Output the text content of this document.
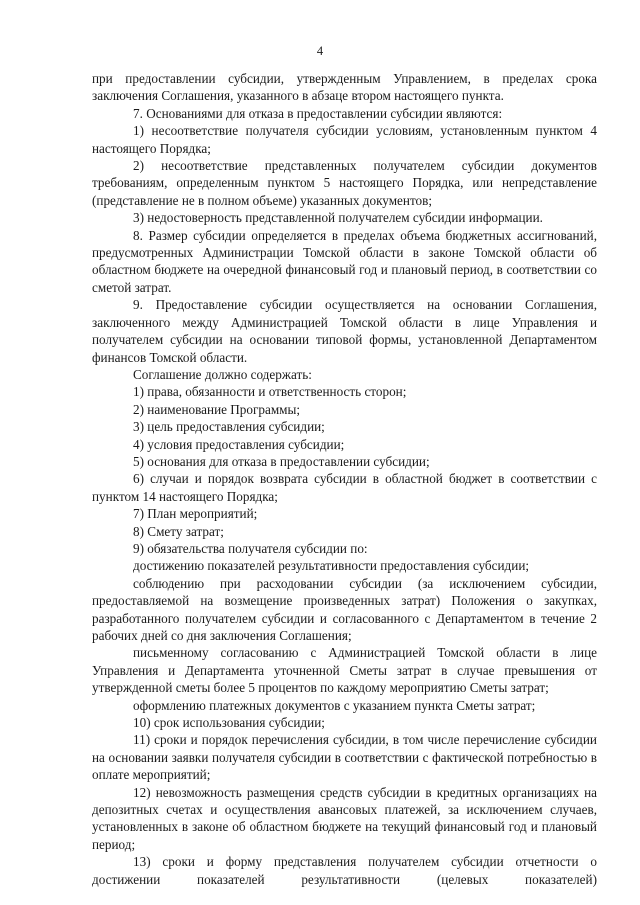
4

при предоставлении субсидии, утвержденным Управлением, в пределах срока заключения Соглашения, указанного в абзаце втором настоящего пункта.

7. Основаниями для отказа в предоставлении субсидии являются:

1) несоответствие получателя субсидии условиям, установленным пунктом 4 настоящего Порядка;

2) несоответствие представленных получателем субсидии документов требованиям, определенным пунктом 5 настоящего Порядка, или непредставление (представление не в полном объеме) указанных документов;

3) недостоверность представленной получателем субсидии информации.

8. Размер субсидии определяется в пределах объема бюджетных ассигнований, предусмотренных Администрации Томской области в законе Томской области об областном бюджете на очередной финансовый год и плановый период, в соответствии со сметой затрат.

9. Предоставление субсидии осуществляется на основании Соглашения, заключенного между Администрацией Томской области в лице Управления и получателем субсидии на основании типовой формы, установленной Департаментом финансов Томской области.

Соглашение должно содержать:

1) права, обязанности и ответственность сторон;

2) наименование Программы;

3) цель предоставления субсидии;

4) условия предоставления субсидии;

5) основания для отказа в предоставлении субсидии;

6) случаи и порядок возврата субсидии в областной бюджет в соответствии с пунктом 14 настоящего Порядка;

7) План мероприятий;

8) Смету затрат;

9) обязательства получателя субсидии по:

достижению показателей результативности предоставления субсидии;

соблюдению при расходовании субсидии (за исключением субсидии, предоставляемой на возмещение произведенных затрат) Положения о закупках, разработанного получателем субсидии и согласованного с Департаментом в течение 2 рабочих дней со дня заключения Соглашения;

письменному согласованию с Администрацией Томской области в лице Управления и Департамента уточненной Сметы затрат в случае превышения от утвержденной сметы более 5 процентов по каждому мероприятию Сметы затрат;

оформлению платежных документов с указанием пункта Сметы затрат;

10) срок использования субсидии;

11) сроки и порядок перечисления субсидии, в том числе перечисление субсидии на основании заявки получателя субсидии в соответствии с фактической потребностью в оплате мероприятий;

12) невозможность размещения средств субсидии в кредитных организациях на депозитных счетах и осуществления авансовых платежей, за исключением случаев, установленных в законе об областном бюджете на текущий финансовый год и плановый период;

13) сроки и форму представления получателем субсидии отчетности о достижении показателей результативности (целевых показателей)
